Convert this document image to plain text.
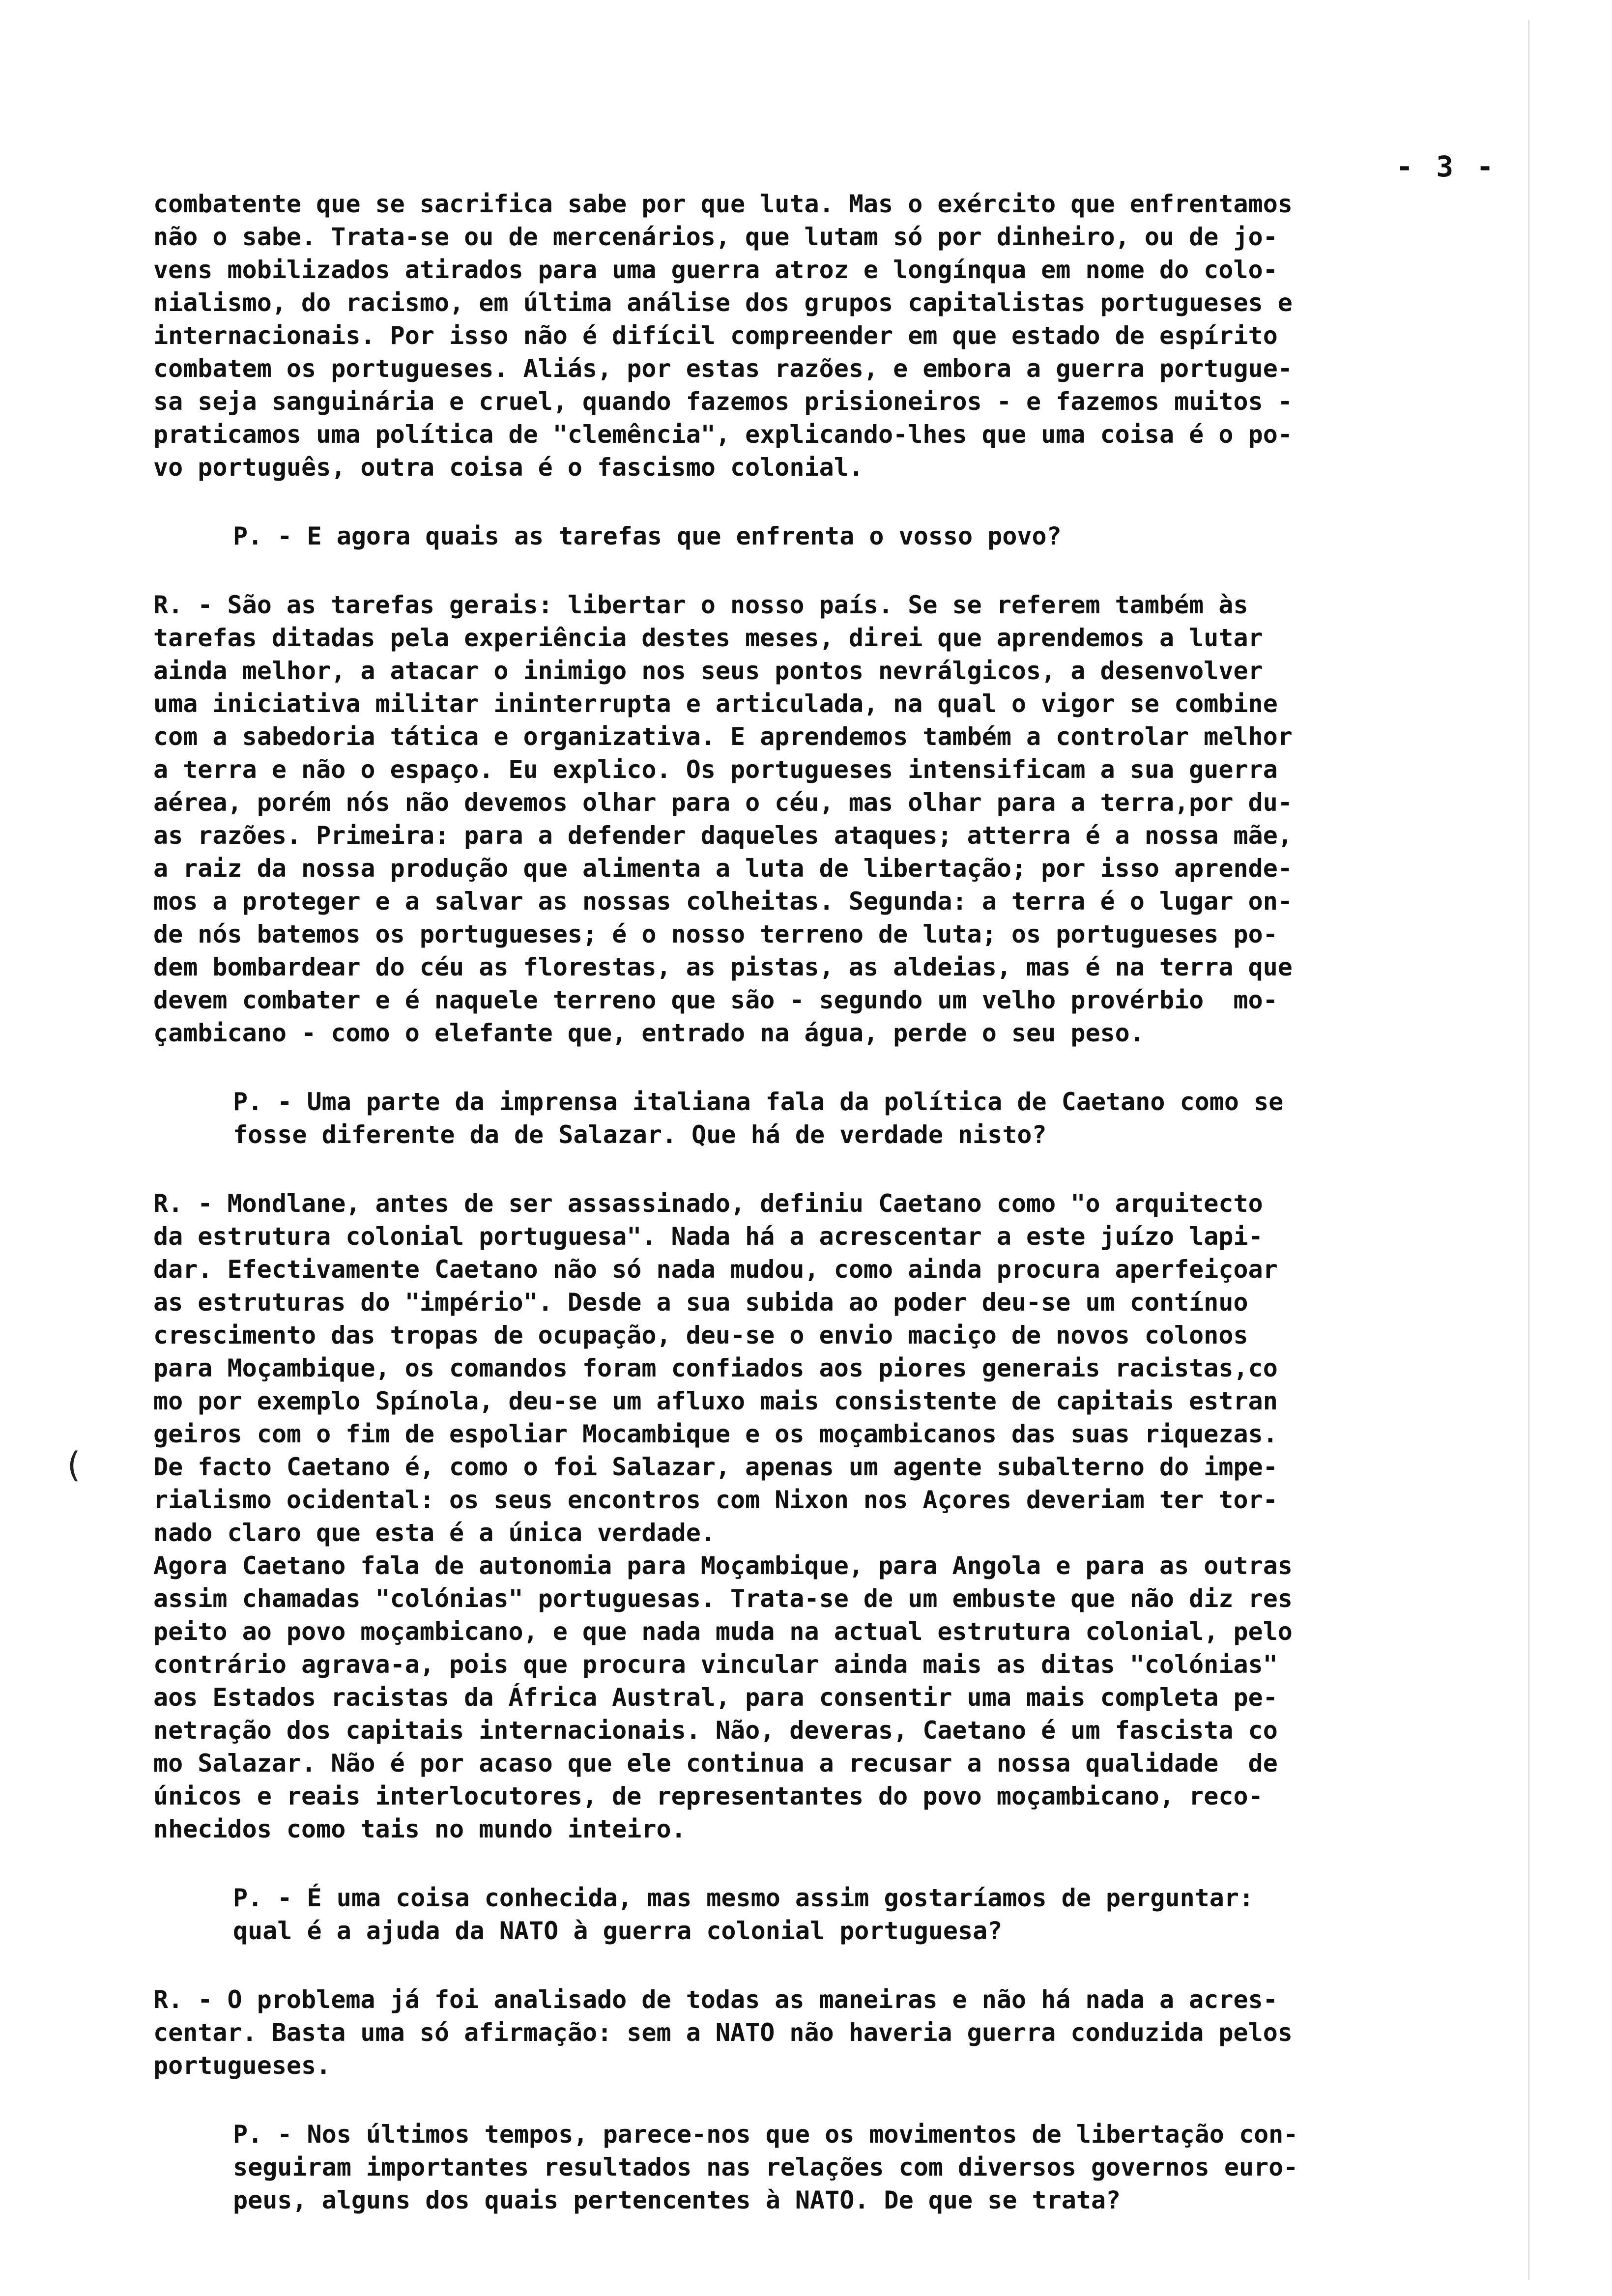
- 3 -
(
combatente que se sacrifica sabe por que luta. Mas o exército que enfrentamos
não o sabe. Trata-se ou de mercenários, que lutam só por dinheiro, ou de jo-
vens mobilizados atirados para uma guerra atroz e longínqua em nome do colo-
nialismo, do racismo, em última análise dos grupos capitalistas portugueses e
internacionais. Por isso não é difícil compreender em que estado de espírito
combatem os portugueses. Aliás, por estas razões, e embora a guerra portugue-
sa seja sanguinária e cruel, quando fazemos prisioneiros - e fazemos muitos -
praticamos uma política de "clemência", explicando-lhes que uma coisa é o po-
vo português, outra coisa é o fascismo colonial.
P. - E agora quais as tarefas que enfrenta o vosso povo?
R. - São as tarefas gerais: libertar o nosso país. Se se referem também às
tarefas ditadas pela experiência destes meses, direi que aprendemos a lutar
ainda melhor, a atacar o inimigo nos seus pontos nevrálgicos, a desenvolver
uma iniciativa militar ininterrupta e articulada, na qual o vigor se combine
com a sabedoria tática e organizativa. E aprendemos também a controlar melhor
a terra e não o espaço. Eu explico. Os portugueses intensificam a sua guerra
aérea, porém nós não devemos olhar para o céu, mas olhar para a terra,por du-
as razões. Primeira: para a defender daqueles ataques; atterra é a nossa mãe,
a raiz da nossa produção que alimenta a luta de libertação; por isso aprende-
mos a proteger e a salvar as nossas colheitas. Segunda: a terra é o lugar on-
de nós batemos os portugueses; é o nosso terreno de luta; os portugueses po-
dem bombardear do céu as florestas, as pistas, as aldeias, mas é na terra que
devem combater e é naquele terreno que são - segundo um velho provérbio  mo-
çambicano - como o elefante que, entrado na água, perde o seu peso.
P. - Uma parte da imprensa italiana fala da política de Caetano como se
fosse diferente da de Salazar. Que há de verdade nisto?
R. - Mondlane, antes de ser assassinado, definiu Caetano como "o arquitecto
da estrutura colonial portuguesa". Nada há a acrescentar a este juízo lapi-
dar. Efectivamente Caetano não só nada mudou, como ainda procura aperfeiçoar
as estruturas do "império". Desde a sua subida ao poder deu-se um contínuo
crescimento das tropas de ocupação, deu-se o envio maciço de novos colonos
para Moçambique, os comandos foram confiados aos piores generais racistas,co
mo por exemplo Spínola, deu-se um afluxo mais consistente de capitais estran
geiros com o fim de espoliar Mocambique e os moçambicanos das suas riquezas.
De facto Caetano é, como o foi Salazar, apenas um agente subalterno do impe-
rialismo ocidental: os seus encontros com Nixon nos Açores deveriam ter tor-
nado claro que esta é a única verdade.
Agora Caetano fala de autonomia para Moçambique, para Angola e para as outras
assim chamadas "colónias" portuguesas. Trata-se de um embuste que não diz res
peito ao povo moçambicano, e que nada muda na actual estrutura colonial, pelo
contrário agrava-a, pois que procura vincular ainda mais as ditas "colónias"
aos Estados racistas da África Austral, para consentir uma mais completa pe-
netração dos capitais internacionais. Não, deveras, Caetano é um fascista co
mo Salazar. Não é por acaso que ele continua a recusar a nossa qualidade  de
únicos e reais interlocutores, de representantes do povo moçambicano, reco-
nhecidos como tais no mundo inteiro.
P. - É uma coisa conhecida, mas mesmo assim gostaríamos de perguntar:
qual é a ajuda da NATO à guerra colonial portuguesa?
R. - O problema já foi analisado de todas as maneiras e não há nada a acres-
centar. Basta uma só afirmação: sem a NATO não haveria guerra conduzida pelos
portugueses.
P. - Nos últimos tempos, parece-nos que os movimentos de libertação con-
seguiram importantes resultados nas relações com diversos governos euro-
peus, alguns dos quais pertencentes à NATO. De que se trata?
